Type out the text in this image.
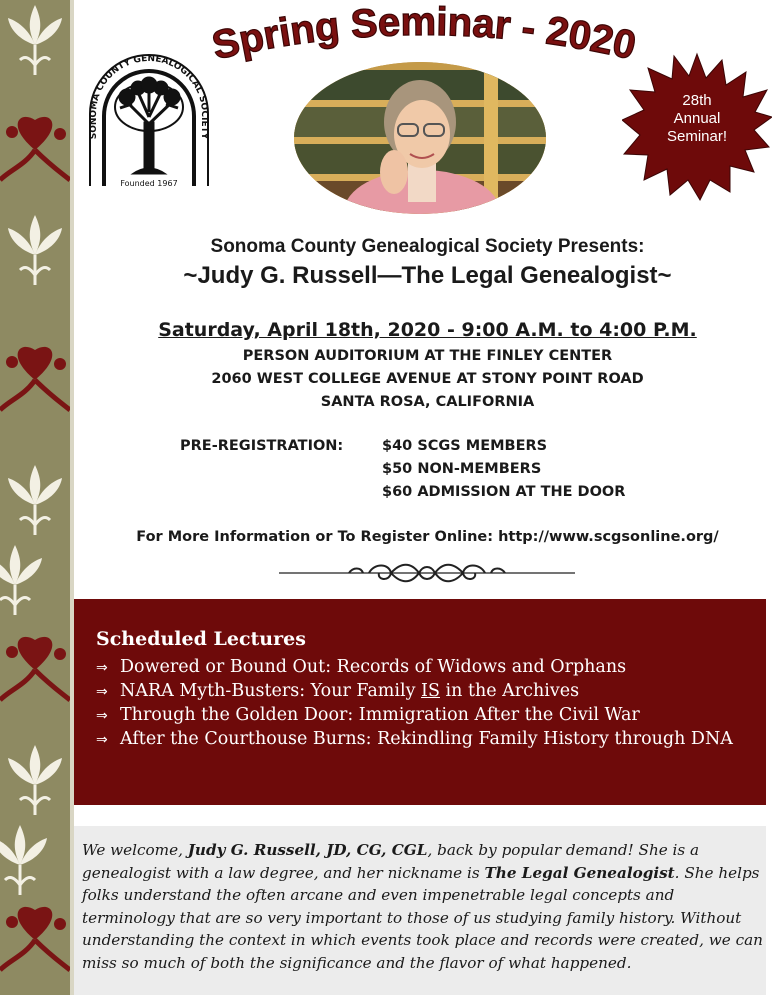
Spring Seminar - 2020
SONOMA COUNTY GENEALOGICAL SOCIETY
Founded 1967
28th
Annual
Seminar!
Sonoma County Genealogical Society Presents:
~Judy G. Russell—The Legal Genealogist~
Saturday, April 18th, 2020 - 9:00 A.M. to 4:00 P.M.
PERSON AUDITORIUM AT THE FINLEY CENTER
2060 WEST COLLEGE AVENUE AT STONY POINT ROAD
SANTA ROSA, CALIFORNIA
PRE-REGISTRATION:	$40 SCGS MEMBERS
$50 NON-MEMBERS
$60 ADMISSION AT THE DOOR
For More Information or To Register Online: http://www.scgsonline.org/
Scheduled Lectures
⇒ Dowered or Bound Out: Records of Widows and Orphans
⇒ NARA Myth-Busters: Your Family IS in the Archives
⇒ Through the Golden Door: Immigration After the Civil War
⇒ After the Courthouse Burns: Rekindling Family History through DNA

We welcome, Judy G. Russell, JD, CG, CGL, back by popular demand! She is a genealogist with a law degree, and her nickname is The Legal Genealogist. She helps folks understand the often arcane and even impenetrable legal concepts and terminology that are so very important to those of us studying family history. Without understanding the context in which events took place and records were created, we can miss so much of both the significance and the flavor of what happened.
